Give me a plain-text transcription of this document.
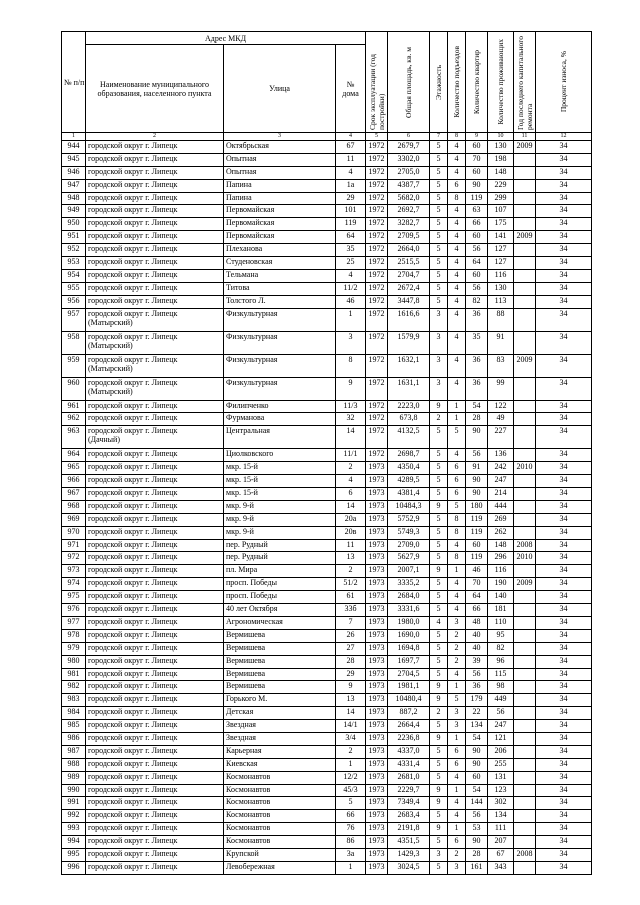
№ п/п	Адрес МКД			Срок эксплуатации (год постройки)	Общая площадь, кв. м	Этажность	Количество подъездов	Количество квартир	Количество проживающих	Год последнего капитального ремонта	Процент износа, %

	Наименование муниципального образования, населенного пункта	Улица	№ дома								
1	2	3	4	5	6	7	8	9	10	11	12
944	городской округ г. Липецк	Октябрьская	67	1972	2679,7	5	4	60	130	2009	34
945	городской округ г. Липецк	Опытная	11	1972	3302,0	5	4	70	198		34
946	городской округ г. Липецк	Опытная	4	1972	2705,0	5	4	60	148		34
947	городской округ г. Липецк	Папина	1а	1972	4387,7	5	6	90	229		34
948	городской округ г. Липецк	Папина	29	1972	5682,0	5	8	119	299		34
949	городской округ г. Липецк	Первомайская	101	1972	2692,7	5	4	63	107		34
950	городской округ г. Липецк	Первомайская	119	1972	3282,7	5	4	66	175		34
951	городской округ г. Липецк	Первомайская	64	1972	2709,5	5	4	60	141	2009	34
952	городской округ г. Липецк	Плеханова	35	1972	2664,0	5	4	56	127		34
953	городской округ г. Липецк	Студеновская	25	1972	2515,5	5	4	64	127		34
954	городской округ г. Липецк	Тельмана	4	1972	2704,7	5	4	60	116		34
955	городской округ г. Липецк	Титова	11/2	1972	2672,4	5	4	56	130		34
956	городской округ г. Липецк	Толстого Л.	46	1972	3447,8	5	4	82	113		34
957	городской округ г. Липецк
(Матырский)	Физкультурная	1	1972	1616,6	3	4	36	88		34
958	городской округ г. Липецк
(Матырский)	Физкультурная	3	1972	1579,9	3	4	35	91		34
959	городской округ г. Липецк
(Матырский)	Физкультурная	8	1972	1632,1	3	4	36	83	2009	34
960	городской округ г. Липецк
(Матырский)	Физкультурная	9	1972	1631,1	3	4	36	99		34
961	городской округ г. Липецк	Филипченко	11/3	1972	2223,0	9	1	54	122		34
962	городской округ г. Липецк	Фурманова	32	1972	673,8	2	1	28	49		34
963	городской округ г. Липецк
(Дачный)	Центральная	14	1972	4132,5	5	5	90	227		34
964	городской округ г. Липецк	Циолковского	11/1	1972	2698,7	5	4	56	136		34
965	городской округ г. Липецк	мкр. 15-й	2	1973	4350,4	5	6	91	242	2010	34
966	городской округ г. Липецк	мкр. 15-й	4	1973	4289,5	5	6	90	247		34
967	городской округ г. Липецк	мкр. 15-й	6	1973	4381,4	5	6	90	214		34
968	городской округ г. Липецк	мкр. 9-й	14	1973	10484,3	9	5	180	444		34
969	городской округ г. Липецк	мкр. 9-й	20а	1973	5752,9	5	8	119	269		34
970	городской округ г. Липецк	мкр. 9-й	20в	1973	5749,3	5	8	119	262		34
971	городской округ г. Липецк	пер. Рудный	11	1973	2709,0	5	4	60	148	2008	34
972	городской округ г. Липецк	пер. Рудный	13	1973	5627,9	5	8	119	296	2010	34
973	городской округ г. Липецк	пл. Мира	2	1973	2007,1	9	1	46	116		34
974	городской округ г. Липецк	просп. Победы	51/2	1973	3335,2	5	4	70	190	2009	34
975	городской округ г. Липецк	просп. Победы	61	1973	2684,0	5	4	64	140		34
976	городской округ г. Липецк	40 лет Октября	33б	1973	3331,6	5	4	66	181		34
977	городской округ г. Липецк	Агрономическая	7	1973	1980,0	4	3	48	110		34
978	городской округ г. Липецк	Вермишева	26	1973	1690,0	5	2	40	95		34
979	городской округ г. Липецк	Вермишева	27	1973	1694,8	5	2	40	82		34
980	городской округ г. Липецк	Вермишева	28	1973	1697,7	5	2	39	96		34
981	городской округ г. Липецк	Вермишева	29	1973	2704,5	5	4	56	115		34
982	городской округ г. Липецк	Вермишева	9	1973	1981,1	9	1	36	98		34
983	городской округ г. Липецк	Горького М.	13	1973	10480,4	9	5	179	449		34
984	городской округ г. Липецк	Детская	14	1973	887,2	2	3	22	56		34
985	городской округ г. Липецк	Звездная	14/1	1973	2664,4	5	3	134	247		34
986	городской округ г. Липецк	Звездная	3/4	1973	2236,8	9	1	54	121		34
987	городской округ г. Липецк	Карьерная	2	1973	4337,0	5	6	90	206		34
988	городской округ г. Липецк	Киевская	1	1973	4331,4	5	6	90	255		34
989	городской округ г. Липецк	Космонавтов	12/2	1973	2681,0	5	4	60	131		34
990	городской округ г. Липецк	Космонавтов	45/3	1973	2229,7	9	1	54	123		34
991	городской округ г. Липецк	Космонавтов	5	1973	7349,4	9	4	144	302		34
992	городской округ г. Липецк	Космонавтов	66	1973	2683,4	5	4	56	134		34
993	городской округ г. Липецк	Космонавтов	76	1973	2191,8	9	1	53	111		34
994	городской округ г. Липецк	Космонавтов	86	1973	4351,5	5	6	90	207		34
995	городской округ г. Липецк	Крупской	3а	1973	1429,3	3	2	28	67	2008	34
996	городской округ г. Липецк	Левобережная	1	1973	3024,5	5	3	161	343		34
